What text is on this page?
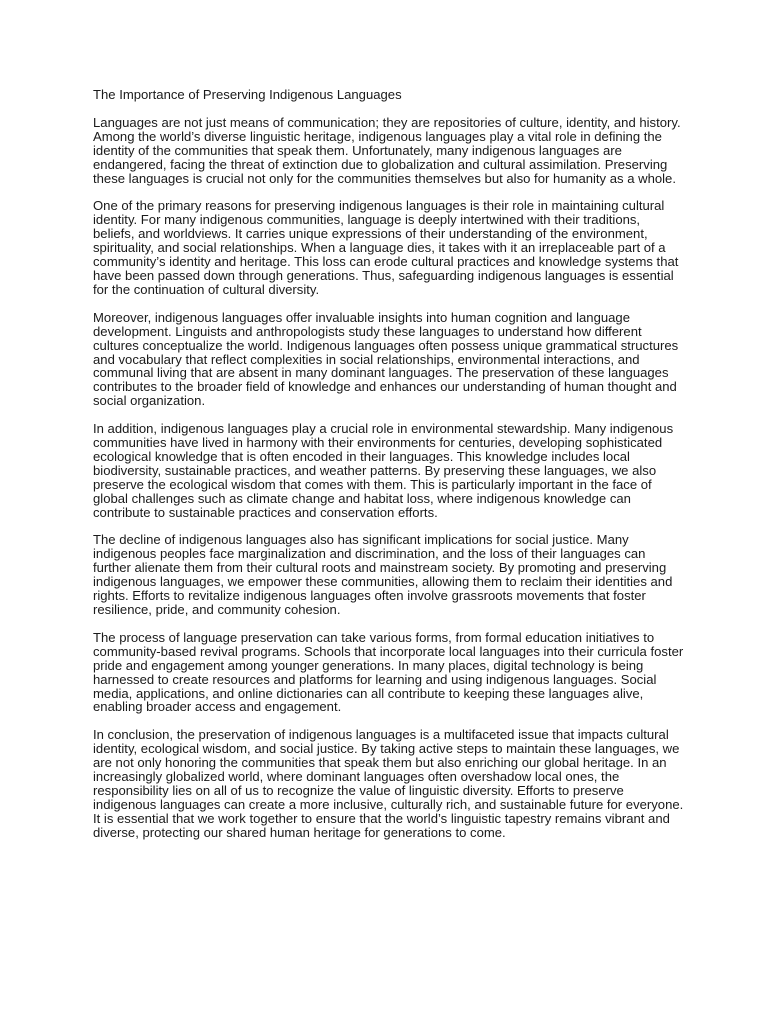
The Importance of Preserving Indigenous Languages
Languages are not just means of communication; they are repositories of culture, identity, and history.
Among the world’s diverse linguistic heritage, indigenous languages play a vital role in defining the
identity of the communities that speak them. Unfortunately, many indigenous languages are
endangered, facing the threat of extinction due to globalization and cultural assimilation. Preserving
these languages is crucial not only for the communities themselves but also for humanity as a whole.
One of the primary reasons for preserving indigenous languages is their role in maintaining cultural
identity. For many indigenous communities, language is deeply intertwined with their traditions,
beliefs, and worldviews. It carries unique expressions of their understanding of the environment,
spirituality, and social relationships. When a language dies, it takes with it an irreplaceable part of a
community’s identity and heritage. This loss can erode cultural practices and knowledge systems that
have been passed down through generations. Thus, safeguarding indigenous languages is essential
for the continuation of cultural diversity.
Moreover, indigenous languages offer invaluable insights into human cognition and language
development. Linguists and anthropologists study these languages to understand how different
cultures conceptualize the world. Indigenous languages often possess unique grammatical structures
and vocabulary that reflect complexities in social relationships, environmental interactions, and
communal living that are absent in many dominant languages. The preservation of these languages
contributes to the broader field of knowledge and enhances our understanding of human thought and
social organization.
In addition, indigenous languages play a crucial role in environmental stewardship. Many indigenous
communities have lived in harmony with their environments for centuries, developing sophisticated
ecological knowledge that is often encoded in their languages. This knowledge includes local
biodiversity, sustainable practices, and weather patterns. By preserving these languages, we also
preserve the ecological wisdom that comes with them. This is particularly important in the face of
global challenges such as climate change and habitat loss, where indigenous knowledge can
contribute to sustainable practices and conservation efforts.
The decline of indigenous languages also has significant implications for social justice. Many
indigenous peoples face marginalization and discrimination, and the loss of their languages can
further alienate them from their cultural roots and mainstream society. By promoting and preserving
indigenous languages, we empower these communities, allowing them to reclaim their identities and
rights. Efforts to revitalize indigenous languages often involve grassroots movements that foster
resilience, pride, and community cohesion.
The process of language preservation can take various forms, from formal education initiatives to
community-based revival programs. Schools that incorporate local languages into their curricula foster
pride and engagement among younger generations. In many places, digital technology is being
harnessed to create resources and platforms for learning and using indigenous languages. Social
media, applications, and online dictionaries can all contribute to keeping these languages alive,
enabling broader access and engagement.
In conclusion, the preservation of indigenous languages is a multifaceted issue that impacts cultural
identity, ecological wisdom, and social justice. By taking active steps to maintain these languages, we
are not only honoring the communities that speak them but also enriching our global heritage. In an
increasingly globalized world, where dominant languages often overshadow local ones, the
responsibility lies on all of us to recognize the value of linguistic diversity. Efforts to preserve
indigenous languages can create a more inclusive, culturally rich, and sustainable future for everyone.
It is essential that we work together to ensure that the world’s linguistic tapestry remains vibrant and
diverse, protecting our shared human heritage for generations to come.
